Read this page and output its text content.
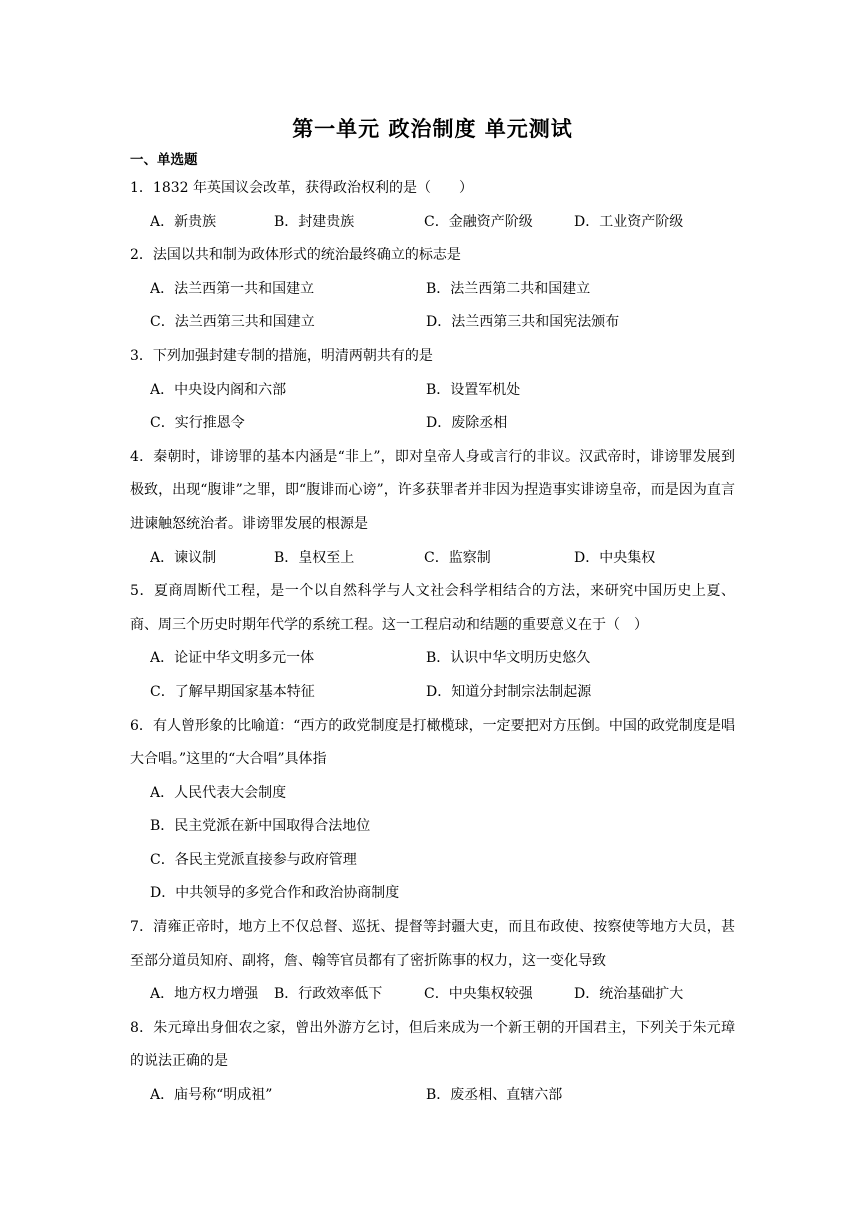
第一单元 政治制度 单元测试
一、单选题
1．1832 年英国议会改革，获得政治权利的是（　　）
A．新贵族	B．封建贵族	C．金融资产阶级	D．工业资产阶级
2．法国以共和制为政体形式的统治最终确立的标志是
A．法兰西第一共和国建立	B．法兰西第二共和国建立
C．法兰西第三共和国建立	D．法兰西第三共和国宪法颁布
3．下列加强封建专制的措施，明清两朝共有的是
A．中央设内阁和六部	B．设置军机处
C．实行推恩令	D．废除丞相
4．秦朝时，诽谤罪的基本内涵是“非上”，即对皇帝人身或言行的非议。汉武帝时，诽谤罪发展到极致，出现“腹诽”之罪，即“腹诽而心谤”，许多获罪者并非因为捏造事实诽谤皇帝，而是因为直言进谏触怒统治者。诽谤罪发展的根源是
A．谏议制	B．皇权至上	C．监察制	D．中央集权
5．夏商周断代工程，是一个以自然科学与人文社会科学相结合的方法，来研究中国历史上夏、商、周三个历史时期年代学的系统工程。这一工程启动和结题的重要意义在于（　）
A．论证中华文明多元一体	B．认识中华文明历史悠久
C．了解早期国家基本特征	D．知道分封制宗法制起源
6．有人曾形象的比喻道：“西方的政党制度是打橄榄球，一定要把对方压倒。中国的政党制度是唱大合唱。”这里的“大合唱”具体指
A．人民代表大会制度
B．民主党派在新中国取得合法地位
C．各民主党派直接参与政府管理
D．中共领导的多党合作和政治协商制度
7．清雍正帝时，地方上不仅总督、巡抚、提督等封疆大吏，而且布政使、按察使等地方大员，甚至部分道员知府、副将，詹、翰等官员都有了密折陈事的权力，这一变化导致
A．地方权力增强	B．行政效率低下	C．中央集权较强	D．统治基础扩大
8．朱元璋出身佃农之家，曾出外游方乞讨，但后来成为一个新王朝的开国君主，下列关于朱元璋的说法正确的是
A．庙号称“明成祖”	B．废丞相、直辖六部
